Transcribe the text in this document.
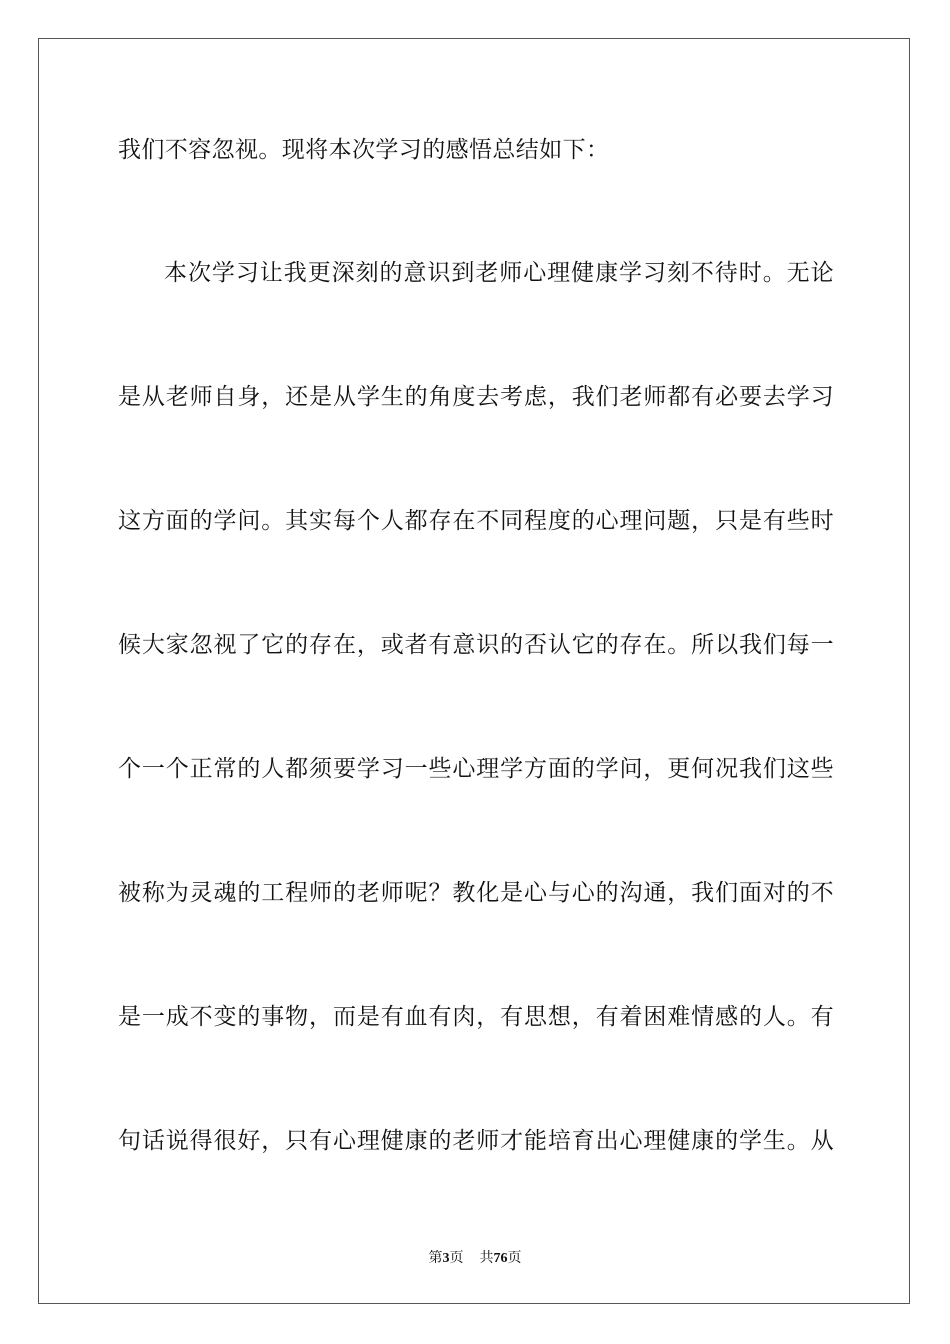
我们不容忽视。现将本次学习的感悟总结如下：
本次学习让我更深刻的意识到老师心理健康学习刻不待时。无论
是从老师自身，还是从学生的角度去考虑，我们老师都有必要去学习
这方面的学问。其实每个人都存在不同程度的心理问题，只是有些时
候大家忽视了它的存在，或者有意识的否认它的存在。所以我们每一
个一个正常的人都须要学习一些心理学方面的学问，更何况我们这些
被称为灵魂的工程师的老师呢？教化是心与心的沟通，我们面对的不
是一成不变的事物，而是有血有肉，有思想，有着困难情感的人。有
句话说得很好，只有心理健康的老师才能培育出心理健康的学生。从
第3页 共76页
